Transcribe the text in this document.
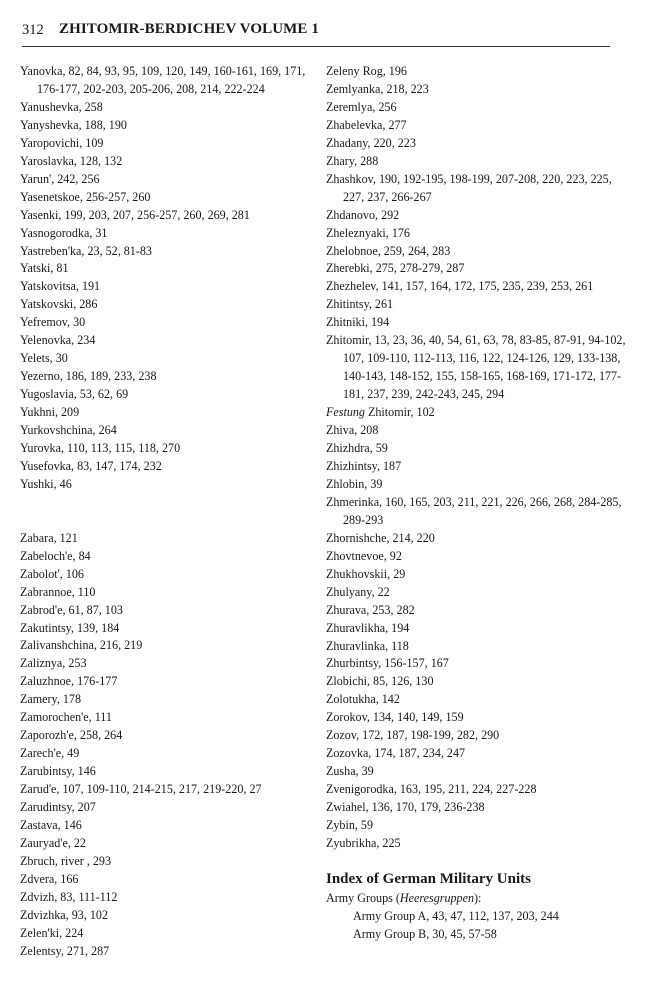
312 ZHITOMIR-BERDICHEV VOLUME 1
Yanovka, 82, 84, 93, 95, 109, 120, 149, 160-161, 169, 171, 176-177, 202-203, 205-206, 208, 214, 222-224
Yanushevka, 258
Yanyshevka, 188, 190
Yaropovichi, 109
Yaroslavka, 128, 132
Yarun', 242, 256
Yasenetskoe, 256-257, 260
Yasenki, 199, 203, 207, 256-257, 260, 269, 281
Yasnogorodka, 31
Yastreben'ka, 23, 52, 81-83
Yatski, 81
Yatskovitsa, 191
Yatskovski, 286
Yefremov, 30
Yelenovka, 234
Yelets, 30
Yezerno, 186, 189, 233, 238
Yugoslavia, 53, 62, 69
Yukhni, 209
Yurkovshchina, 264
Yurovka, 110, 113, 115, 118, 270
Yusefovka, 83, 147, 174, 232
Yushki, 46
Zabara, 121
Zabeloch'e, 84
Zabolot', 106
Zabrannoe, 110
Zabrod'e, 61, 87, 103
Zakutintsy, 139, 184
Zalivanshchina, 216, 219
Zaliznya, 253
Zaluzhnoe, 176-177
Zamery, 178
Zamorochen'e, 111
Zaporozh'e, 258, 264
Zarech'e, 49
Zarubintsy, 146
Zarud'e, 107, 109-110, 214-215, 217, 219-220, 27
Zarudintsy, 207
Zastava, 146
Zauryad'e, 22
Zbruch, river , 293
Zdvera, 166
Zdvizh, 83, 111-112
Zdvizhka, 93, 102
Zelen'ki, 224
Zelentsy, 271, 287
Zeleny Rog, 196
Zemlyanka, 218, 223
Zeremlya, 256
Zhabelevka, 277
Zhadany, 220, 223
Zhary, 288
Zhashkov, 190, 192-195, 198-199, 207-208, 220, 223, 225, 227, 237, 266-267
Zhdanovo, 292
Zheleznyaki, 176
Zhelobnoe, 259, 264, 283
Zherebki, 275, 278-279, 287
Zhezhelev, 141, 157, 164, 172, 175, 235, 239, 253, 261
Zhitintsy, 261
Zhitniki, 194
Zhitomir, 13, 23, 36, 40, 54, 61, 63, 78, 83-85, 87-91, 94-102, 107, 109-110, 112-113, 116, 122, 124-126, 129, 133-138, 140-143, 148-152, 155, 158-165, 168-169, 171-172, 177-181, 237, 239, 242-243, 245, 294
Festung Zhitomir, 102
Zhiva, 208
Zhizhdra, 59
Zhizhintsy, 187
Zhlobin, 39
Zhmerinka, 160, 165, 203, 211, 221, 226, 266, 268, 284-285, 289-293
Zhornishche, 214, 220
Zhovtnevoe, 92
Zhukhovskii, 29
Zhulyany, 22
Zhurava, 253, 282
Zhuravlikha, 194
Zhuravlinka, 118
Zhurbintsy, 156-157, 167
Zlobichi, 85, 126, 130
Zolotukha, 142
Zorokov, 134, 140, 149, 159
Zozov, 172, 187, 198-199, 282, 290
Zozovka, 174, 187, 234, 247
Zusha, 39
Zvenigorodka, 163, 195, 211, 224, 227-228
Zwiahel, 136, 170, 179, 236-238
Zybin, 59
Zyubrikha, 225
Index of German Military Units
Army Groups (Heeresgruppen):
Army Group A, 43, 47, 112, 137, 203, 244
Army Group B, 30, 45, 57-58
